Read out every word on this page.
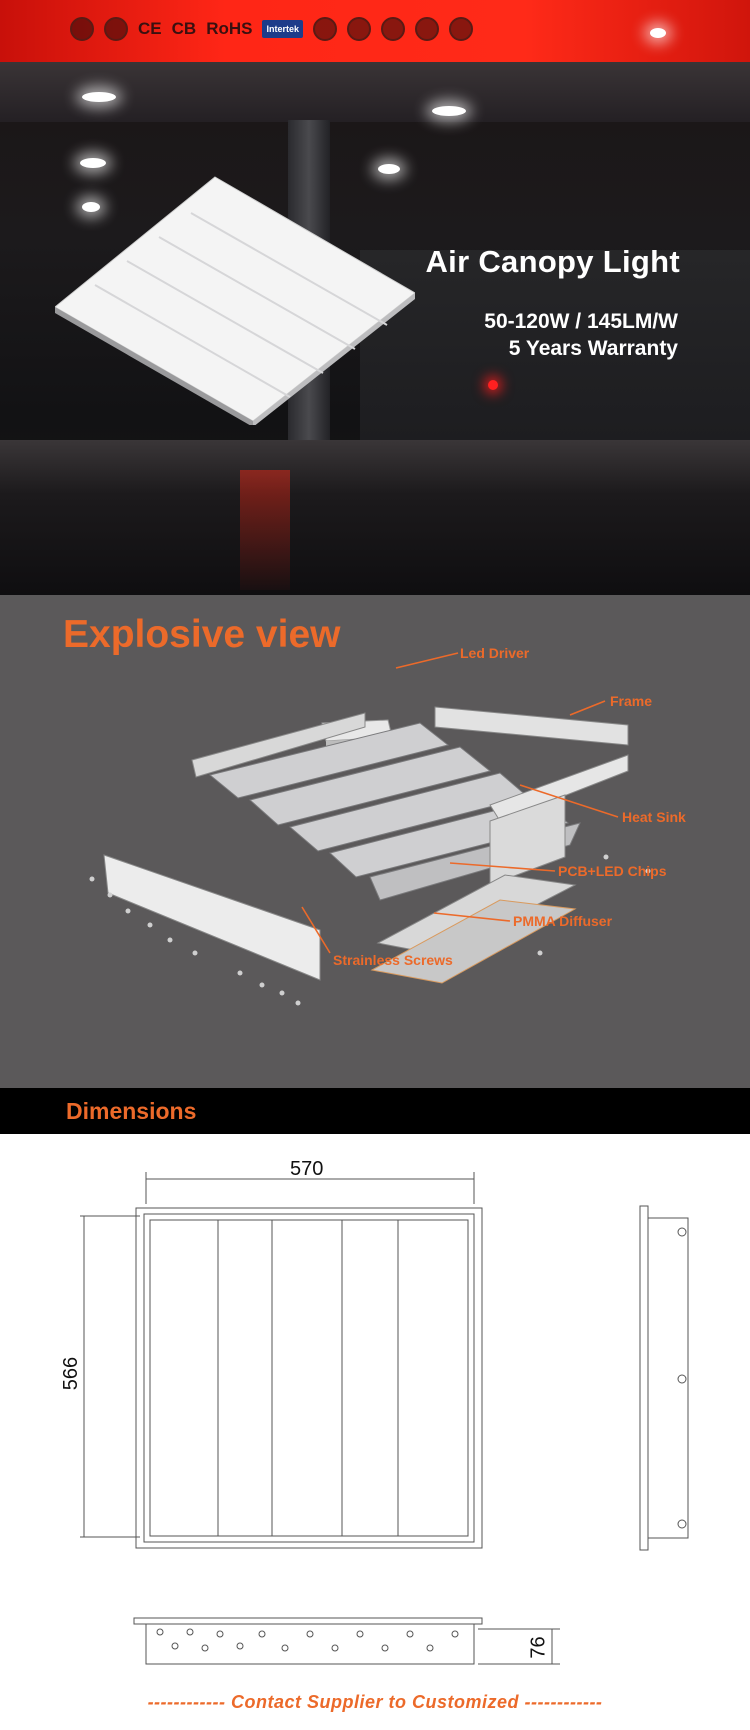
CE CB RoHS	Intertek
Air Canopy Light
50-120W / 145LM/W
5 Years Warranty
Explosive view	Led Driver
Frame
Heat Sink
PCB+LED Chips
PMMA Diffuser
Strainless Screws
Dimensions
570
566
76
------------ Contact Supplier to Customized ------------
